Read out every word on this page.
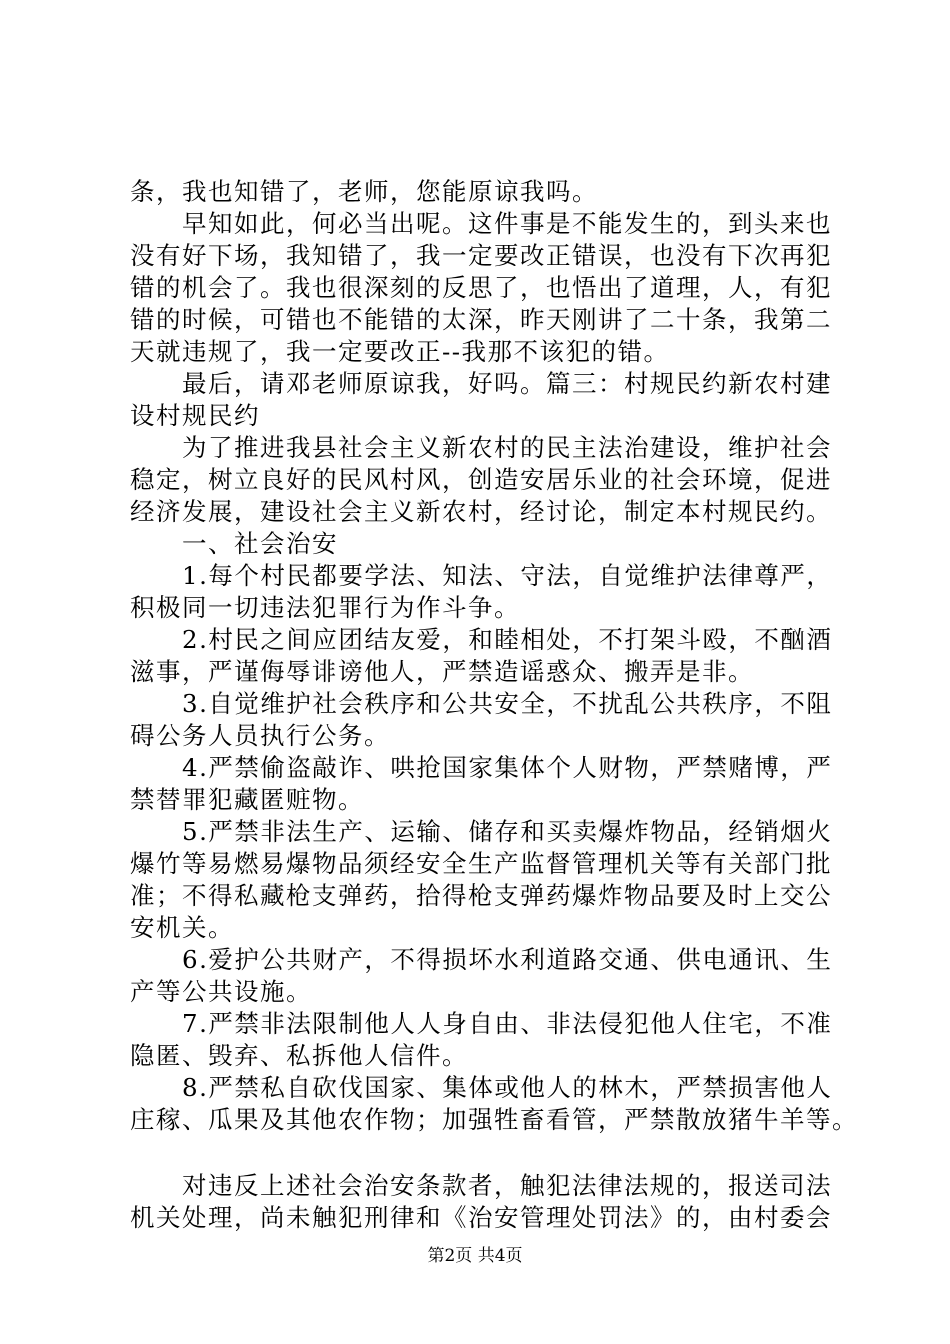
条，我也知错了，老师，您能原谅我吗。
早知如此，何必当出呢。这件事是不能发生的，到头来也
没有好下场，我知错了，我一定要改正错误，也没有下次再犯
错的机会了。我也很深刻的反思了，也悟出了道理，人，有犯
错的时候，可错也不能错的太深，昨天刚讲了二十条，我第二
天就违规了，我一定要改正--我那不该犯的错。
最后，请邓老师原谅我，好吗。篇三：村规民约新农村建
设村规民约
为了推进我县社会主义新农村的民主法治建设，维护社会
稳定，树立良好的民风村风，创造安居乐业的社会环境，促进
经济发展，建设社会主义新农村，经讨论，制定本村规民约。
一、社会治安
1.每个村民都要学法、知法、守法，自觉维护法律尊严，
积极同一切违法犯罪行为作斗争。
2.村民之间应团结友爱，和睦相处，不打架斗殴，不酗酒
滋事，严谨侮辱诽谤他人，严禁造谣惑众、搬弄是非。
3.自觉维护社会秩序和公共安全，不扰乱公共秩序，不阻
碍公务人员执行公务。
4.严禁偷盗敲诈、哄抢国家集体个人财物，严禁赌博，严
禁替罪犯藏匿赃物。
5.严禁非法生产、运输、储存和买卖爆炸物品，经销烟火
爆竹等易燃易爆物品须经安全生产监督管理机关等有关部门批
准；不得私藏枪支弹药，拾得枪支弹药爆炸物品要及时上交公
安机关。
6.爱护公共财产，不得损坏水利道路交通、供电通讯、生
产等公共设施。
7.严禁非法限制他人人身自由、非法侵犯他人住宅，不准
隐匿、毁弃、私拆他人信件。
8.严禁私自砍伐国家、集体或他人的林木，严禁损害他人
庄稼、瓜果及其他农作物；加强牲畜看管，严禁散放猪牛羊等。
对违反上述社会治安条款者，触犯法律法规的，报送司法
机关处理，尚未触犯刑律和《治安管理处罚法》的，由村委会
第2页 共4页
